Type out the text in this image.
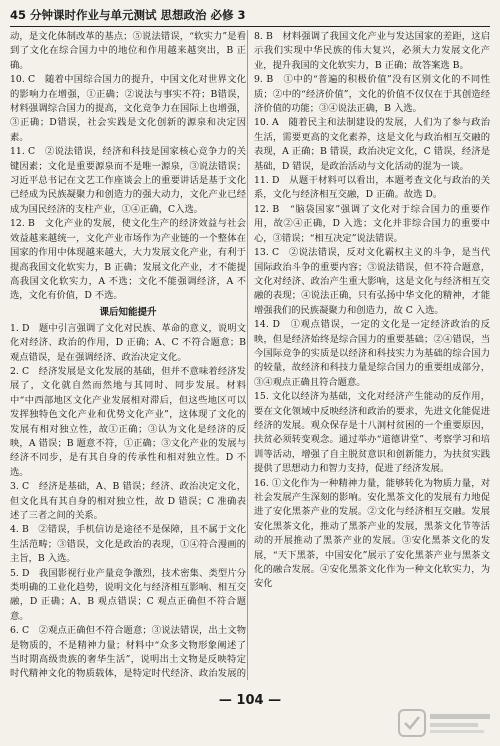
45 分钟课时作业与单元测试 思想政治 必修 3

动，是文化体制改革的基点；⑤说法错误，“软实力”是看到了文化在综合国力中的地位和作用越来越突出，B 正确。

10. C　随着中国综合国力的提升，中国文化对世界文化的影响力在增强，①正确；②说法与事实不符；B错误，材料强调综合国力的提高，文化竞争力在国际上也增强，③正确；D错误，社会实践是文化创新的源泉和决定因素。

11. C　②说法错误，经济和科技是国家核心竞争力的关键因素；文化是重要源泉而不是唯一源泉，③说法错误；习近平总书记在文艺工作座谈会上的重要讲话是基于文化已经成为民族凝聚力和创造力的强大动力，文化产业已经成为国民经济的支柱产业，①④正确，C入选。

12. B　文化产业的发展，使文化生产的经济效益与社会效益越来越统一，文化产业市场作为产业链的一个整体在国家的作用中体现越来越大，大力发展文化产业，有利于提高我国文化软实力，B 正确；发展文化产业，才不能提高我国文化软实力，A 不选；文化不能强调经济，A 不选，文化有价值，D 不选。

课后知能提升

1. D　题中引言强调了文化对民族、革命的意义，说明文化对经济、政治的作用，D 正确；A、C 不符合题意；B 观点错误，是在强调经济、政治决定文化。

2. C　经济发展是文化发展的基础，但并不意味着经济发展了，文化就自然而然地与其同时、同步发展。材料中“中西部地区文化产业发展相对滞后，但这些地区可以发挥独特色文化产业和优势文化产业”，这体现了文化的发展有相对独立性，故①正确；③认为文化是经济的反映，A 错误；B 题意不符，①正确；③文化产业的发展与经济不同步，是有其自身的传承性和相对独立性。D 不选。

3. C　经济是基础，A、B 错误；经济、政治决定文化，但文化具有其自身的相对独立性，故 D 错误；C 准确表述了三者之间的关系。

4. B　②错误，手机信访是途径不是保障，且不属于文化生活范畴；③错误，文化是政治的表现，①④符合漫画的主旨，B 入选。

5. D　我国影视行业产量竞争激烈，技术密集、类型片分类明确的工业化趋势，说明文化与经济相互影响、相互交融，D 正确；A、B 观点错误；C 观点正确但不符合题意。

6. C　②观点正确但不符合题意；③说法错误，出土文物是物质的，不是精神力量；材料中“众多文物形象阐述了当时期高级贵族的奢华生活”，说明出土文物是反映特定时代精神文化的物质载体，是特定时代经济、政治发展的

8. B　材料强调了我国文化产业与发达国家的差距，这启示我们实现中华民族的伟大复兴，必须大力发展文化产业，提升我国的文化软实力，B 正确；故答案选 B。

9. B　①中的“普遍的积极价值”没有区别文化的不同性质；②中的“经济价值”，文化的价值不仅仅在于其创造经济价值的功能；③④说法正确，B 入选。

10. A　随着民主和法制建设的发展，人们为了参与政治生活，需要更高的文化素养，这是文化与政治相互交融的表现，A 正确；B 错误，政治决定文化，C 错误，经济是基础，D 错误，是政治活动与文化活动的混为一谈。

11. D　从题干材料可以看出，本题考查文化与政治的关系，文化与经济相互交融，D 正确。故选 D。

12. B　“脑袋国家”强调了文化对于综合国力的重要作用，故②④正确，D 入选；文化并非综合国力的重要中心，③错误；“相互决定”说法错误。

13. C　②说法错误，反对文化霸权主义的斗争，是当代国际政治斗争的重要内容；③说法错误，但不符合题意，文化对经济、政治产生重大影响，这是文化与经济相互交融的表现；④说法正确，只有弘扬中华文化的精神，才能增强我们的民族凝聚力和创造力，故 C 入选。

14. D　①观点错误，一定的文化是一定经济政治的反映，但是经济始终是综合国力的重要基础；②④错误，当今国际竞争的实质是以经济和科技实力为基础的综合国力的较量，故经济和科技力量是综合国力的重要组成部分，③④观点正确且符合题意。

15. 文化以经济为基础，文化对经济产生能动的反作用，要在文化领域中反映经济和政治的要求，先进文化能促进经济的发展。观众保存是十八洞村贫困的一个重要原因，扶贫必须转变观念。通过举办“道德讲堂”、考察学习和培训等活动，增强了自主脱贫意识和创新能力，为扶贫实践提供了思想动力和智力支持，促进了经济发展。

16. ①文化作为一种精神力量，能够转化为物质力量，对社会发展产生深刻的影响。安化黑茶文化的发展有力地促进了安化黑茶产业的发展。②文化与经济相互交融。发展安化黑茶文化，推动了黑茶产业的发展，黑茶文化节等活动的开展推动了黑茶产业的发展。③安化黑茶文化的发展，“天下黑茶，中国安化”展示了安化黑茶产业与黑茶文化的融合发展。④安化黑茶文化作为一种文化软实力，为安化

— 104 —
